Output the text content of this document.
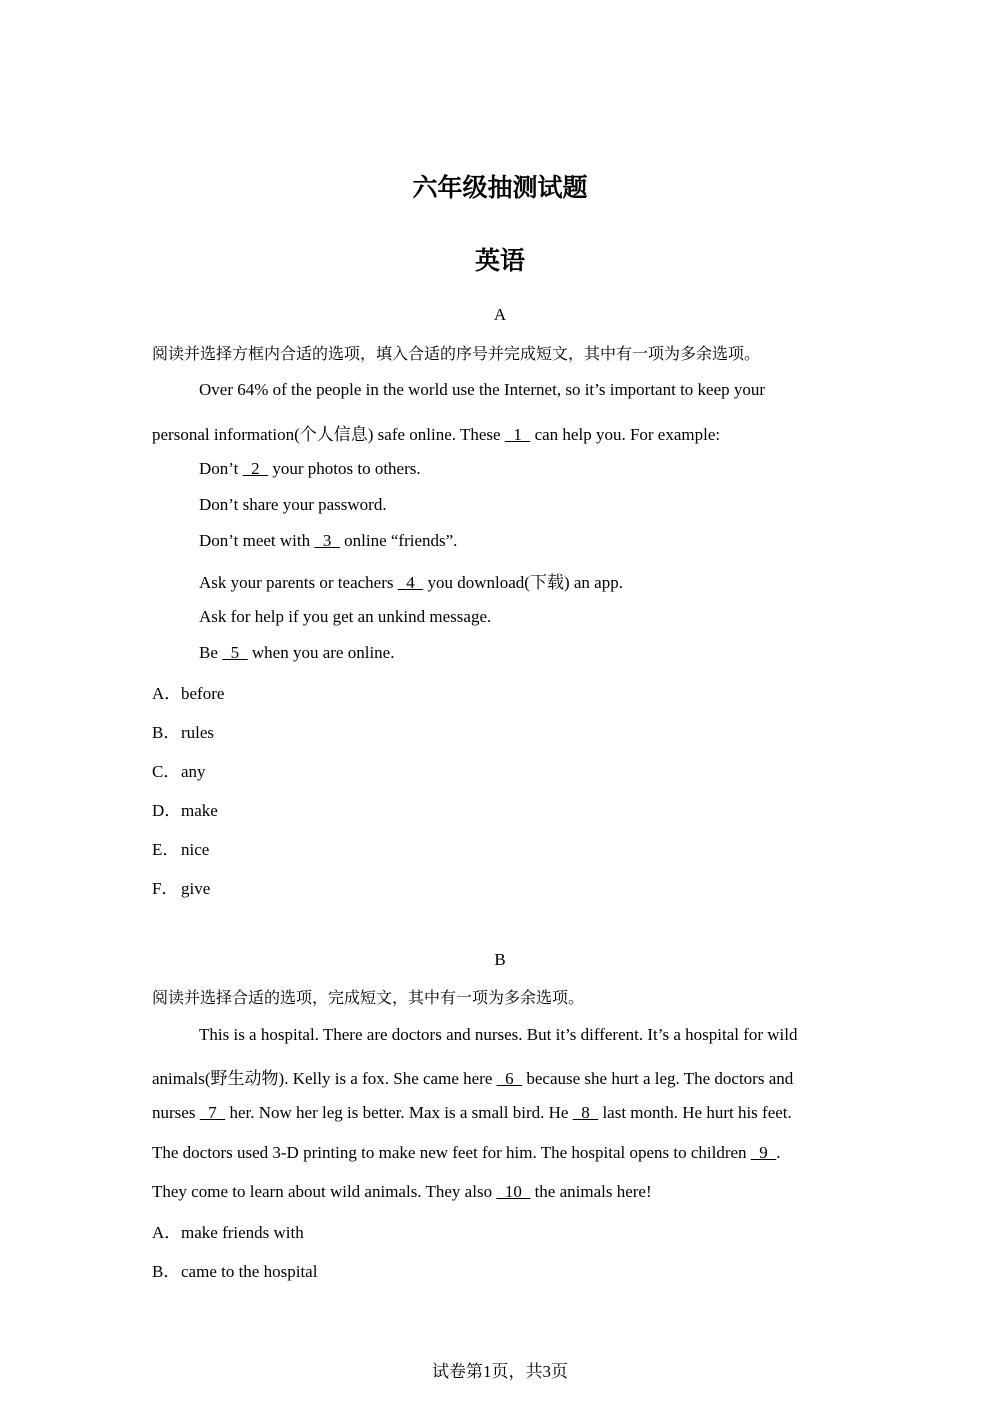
六年级抽测试题
英语
A
阅读并选择方框内合适的选项，填入合适的序号并完成短文，其中有一项为多余选项。
Over 64% of the people in the world use the Internet, so it’s important to keep your
personal information(个人信息) safe online. These   1   can help you. For example:
Don’t   2   your photos to others.
Don’t share your password.
Don’t meet with   3   online “friends”.
Ask your parents or teachers   4   you download(下载) an app.
Ask for help if you get an unkind message.
Be   5   when you are online.
A．before
B．rules
C．any
D．make
E．nice
F． give
B
阅读并选择合适的选项，完成短文，其中有一项为多余选项。
This is a hospital. There are doctors and nurses. But it’s different. It’s a hospital for wild
animals(野生动物). Kelly is a fox. She came here   6   because she hurt a leg. The doctors and
nurses   7   her. Now her leg is better. Max is a small bird. He   8   last month. He hurt his feet.
The doctors used 3-D printing to make new feet for him. The hospital opens to children   9  .
They come to learn about wild animals. They also   10   the animals here!
A．make friends with
B．came to the hospital
试卷第1页，共3页
